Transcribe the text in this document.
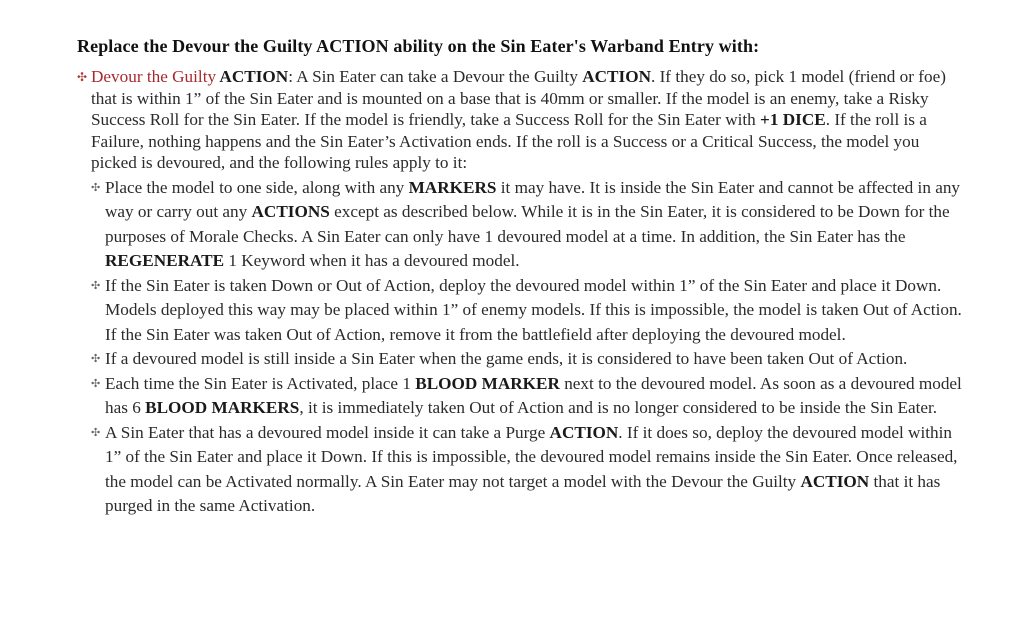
Replace the Devour the Guilty ACTION ability on the Sin Eater's Warband Entry with:
✣ Devour the Guilty ACTION: A Sin Eater can take a Devour the Guilty ACTION. If they do so, pick 1 model (friend or foe) that is within 1” of the Sin Eater and is mounted on a base that is 40mm or smaller. If the model is an enemy, take a Risky Success Roll for the Sin Eater. If the model is friendly, take a Success Roll for the Sin Eater with +1 DICE. If the roll is a Failure, nothing happens and the Sin Eater’s Activation ends. If the roll is a Success or a Critical Success, the model you picked is devoured, and the following rules apply to it:
✣ Place the model to one side, along with any MARKERS it may have. It is inside the Sin Eater and cannot be affected in any way or carry out any ACTIONS except as described below. While it is in the Sin Eater, it is considered to be Down for the purposes of Morale Checks. A Sin Eater can only have 1 devoured model at a time. In addition, the Sin Eater has the REGENERATE 1 Keyword when it has a devoured model.
✣ If the Sin Eater is taken Down or Out of Action, deploy the devoured model within 1” of the Sin Eater and place it Down. Models deployed this way may be placed within 1” of enemy models. If this is impossible, the model is taken Out of Action. If the Sin Eater was taken Out of Action, remove it from the battlefield after deploying the devoured model.
✣ If a devoured model is still inside a Sin Eater when the game ends, it is considered to have been taken Out of Action.
✣ Each time the Sin Eater is Activated, place 1 BLOOD MARKER next to the devoured model. As soon as a devoured model has 6 BLOOD MARKERS, it is immediately taken Out of Action and is no longer considered to be inside the Sin Eater.
✣ A Sin Eater that has a devoured model inside it can take a Purge ACTION. If it does so, deploy the devoured model within 1” of the Sin Eater and place it Down. If this is impossible, the devoured model remains inside the Sin Eater. Once released, the model can be Activated normally. A Sin Eater may not target a model with the Devour the Guilty ACTION that it has purged in the same Activation.
